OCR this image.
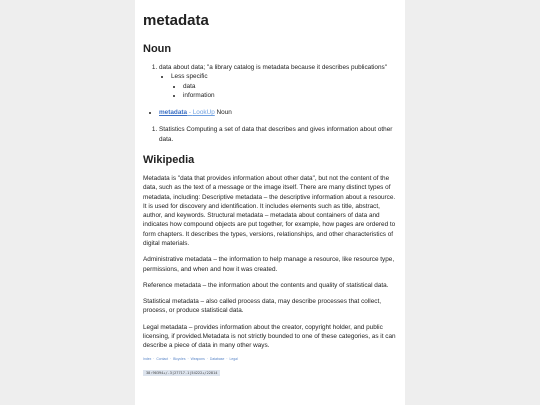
metadata
Noun
1. data about data; "a library catalog is metadata because it describes publications"
• Less specific
• data
• information
• metadata - LookUp Noun
1. Statistics Computing a set of data that describes and gives information about other data.
Wikipedia

Metadata is "data that provides information about other data", but not the content of the data, such as the text of a message or the image itself. There are many distinct types of metadata, including: Descriptive metadata – the descriptive information about a resource. It is used for discovery and identification. It includes elements such as title, abstract, author, and keywords. Structural metadata – metadata about containers of data and indicates how compound objects are put together, for example, how pages are ordered to form chapters. It describes the types, versions, relationships, and other characteristics of digital materials.

Administrative metadata – the information to help manage a resource, like resource type, permissions, and when and how it was created.

Reference metadata – the information about the contents and quality of statistical data.

Statistical metadata – also called process data, may describe processes that collect, process, or produce statistical data.

Legal metadata – provides information about the creator, copyright holder, and public licensing, if provided.Metadata is not strictly bounded to one of these categories, as it can describe a piece of data in many other ways.

Index · Contact · Bicycles · Weapons · Database · Legal
38:90394+/-3|27717-1|54222+/22814
